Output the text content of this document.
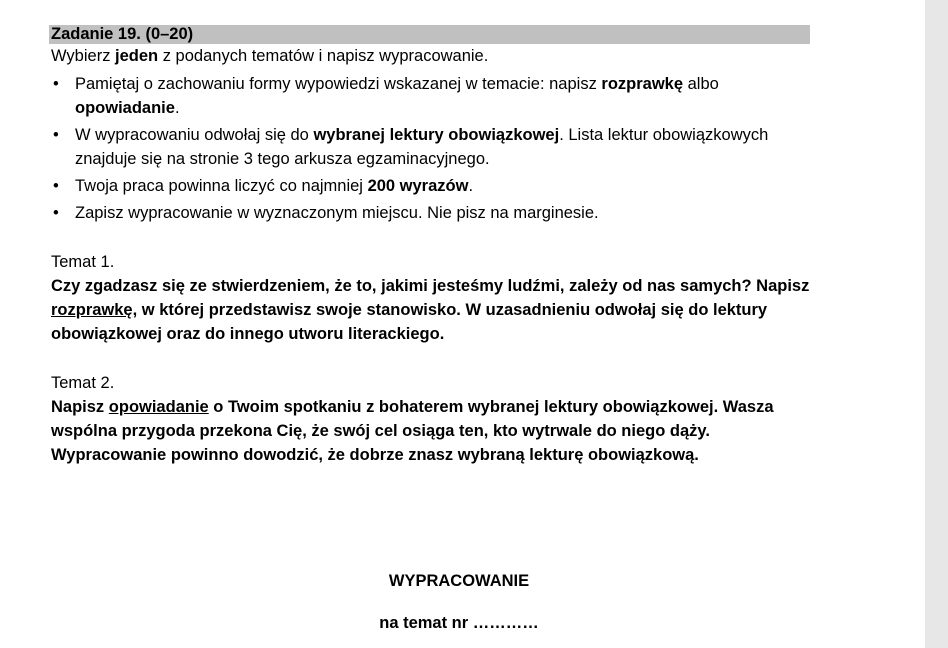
Zadanie 19. (0–20)
Wybierz jeden z podanych tematów i napisz wypracowanie.
• Pamiętaj o zachowaniu formy wypowiedzi wskazanej w temacie: napisz rozprawkę albo
opowiadanie.
• W wypracowaniu odwołaj się do wybranej lektury obowiązkowej. Lista lektur obowiązkowych znajduje się na stronie 3 tego arkusza egzaminacyjnego.
• Twoja praca powinna liczyć co najmniej 200 wyrazów.
• Zapisz wypracowanie w wyznaczonym miejscu. Nie pisz na marginesie.
Temat 1.
Czy zgadzasz się ze stwierdzeniem, że to, jakimi jesteśmy ludźmi, zależy od nas samych? Napisz rozprawkę, w której przedstawisz swoje stanowisko. W uzasadnieniu odwołaj się do lektury obowiązkowej oraz do innego utworu literackiego.
Temat 2.
Napisz opowiadanie o Twoim spotkaniu z bohaterem wybranej lektury obowiązkowej. Wasza wspólna przygoda przekona Cię, że swój cel osiąga ten, kto wytrwale do niego dąży. Wypracowanie powinno dowodzić, że dobrze znasz wybraną lekturę obowiązkową.
WYPRACOWANIE
na temat nr …………
